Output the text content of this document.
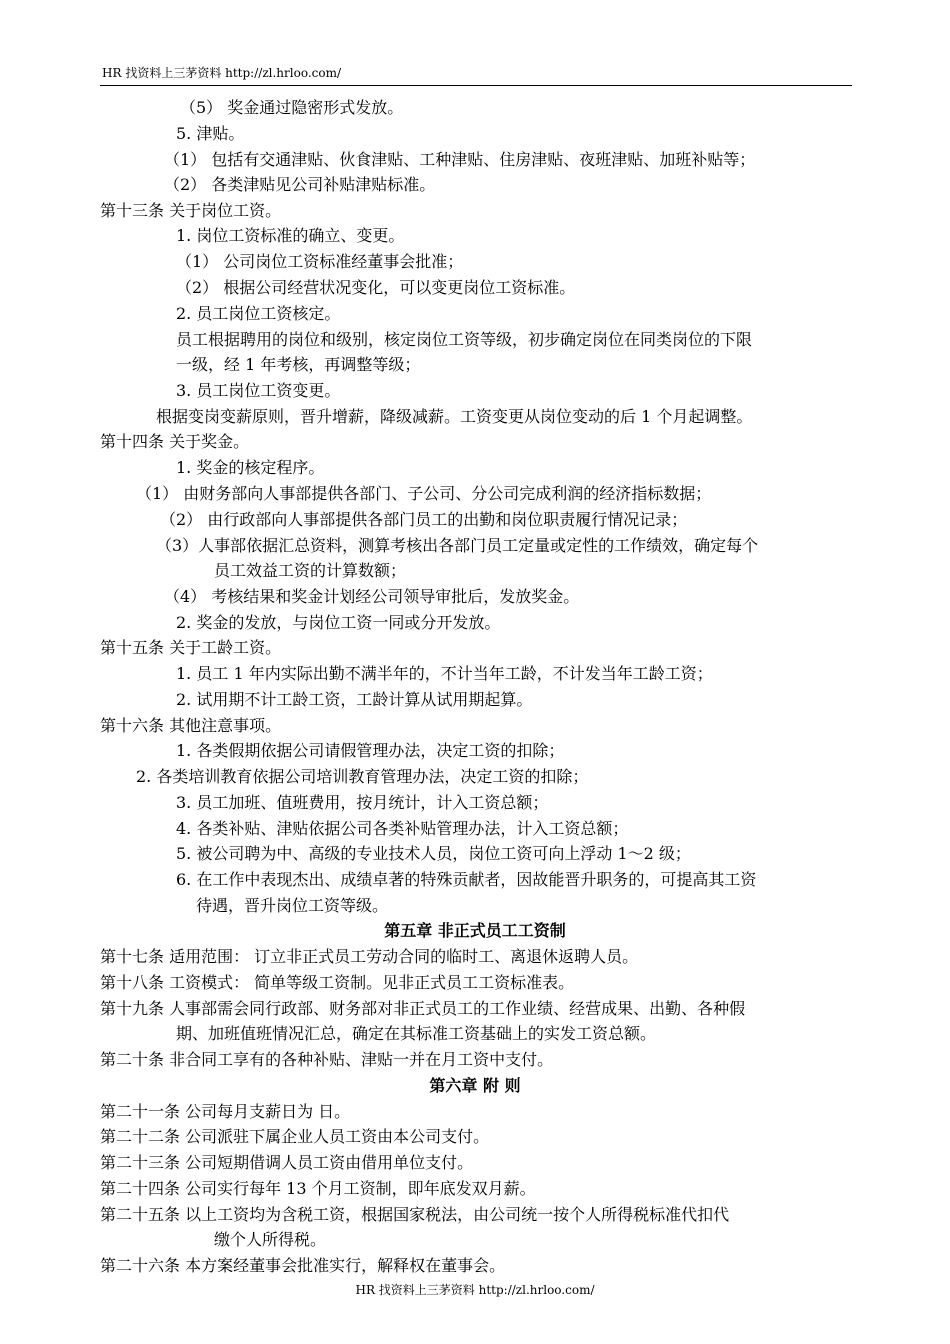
HR 找资料上三茅资料 http://zl.hrloo.com/
（5） 奖金通过隐密形式发放。
5. 津贴。
（1） 包括有交通津贴、伙食津贴、工种津贴、住房津贴、夜班津贴、加班补贴等；
（2） 各类津贴见公司补贴津贴标准。
第十三条 关于岗位工资。
1. 岗位工资标准的确立、变更。
（1） 公司岗位工资标准经董事会批准；
（2） 根据公司经营状况变化，可以变更岗位工资标准。
2. 员工岗位工资核定。
员工根据聘用的岗位和级别，核定岗位工资等级，初步确定岗位在同类岗位的下限
一级，经 1 年考核，再调整等级；
3. 员工岗位工资变更。
根据变岗变薪原则，晋升增薪，降级减薪。工资变更从岗位变动的后 1 个月起调整。
第十四条 关于奖金。
1. 奖金的核定程序。
（1） 由财务部向人事部提供各部门、子公司、分公司完成利润的经济指标数据；
（2） 由行政部向人事部提供各部门员工的出勤和岗位职责履行情况记录；
（3）人事部依据汇总资料，测算考核出各部门员工定量或定性的工作绩效，确定每个
员工效益工资的计算数额；
（4） 考核结果和奖金计划经公司领导审批后，发放奖金。
2. 奖金的发放，与岗位工资一同或分开发放。
第十五条 关于工龄工资。
1. 员工 1 年内实际出勤不满半年的，不计当年工龄，不计发当年工龄工资；
2. 试用期不计工龄工资，工龄计算从试用期起算。
第十六条 其他注意事项。
1. 各类假期依据公司请假管理办法，决定工资的扣除；
2. 各类培训教育依据公司培训教育管理办法，决定工资的扣除；
3. 员工加班、值班费用，按月统计，计入工资总额；
4. 各类补贴、津贴依据公司各类补贴管理办法，计入工资总额；
5. 被公司聘为中、高级的专业技术人员，岗位工资可向上浮动 1～2 级；
6. 在工作中表现杰出、成绩卓著的特殊贡献者，因故能晋升职务的，可提高其工资
待遇，晋升岗位工资等级。
第五章 非正式员工工资制
第十七条 适用范围： 订立非正式员工劳动合同的临时工、离退休返聘人员。
第十八条 工资模式： 简单等级工资制。见非正式员工工资标准表。
第十九条 人事部需会同行政部、财务部对非正式员工的工作业绩、经营成果、出勤、各种假
期、加班值班情况汇总，确定在其标准工资基础上的实发工资总额。
第二十条 非合同工享有的各种补贴、津贴一并在月工资中支付。
第六章 附 则
第二十一条 公司每月支薪日为 日。
第二十二条 公司派驻下属企业人员工资由本公司支付。
第二十三条 公司短期借调人员工资由借用单位支付。
第二十四条 公司实行每年 13 个月工资制，即年底发双月薪。
第二十五条 以上工资均为含税工资，根据国家税法，由公司统一按个人所得税标准代扣代
缴个人所得税。
第二十六条 本方案经董事会批准实行，解释权在董事会。
HR 找资料上三茅资料 http://zl.hrloo.com/
